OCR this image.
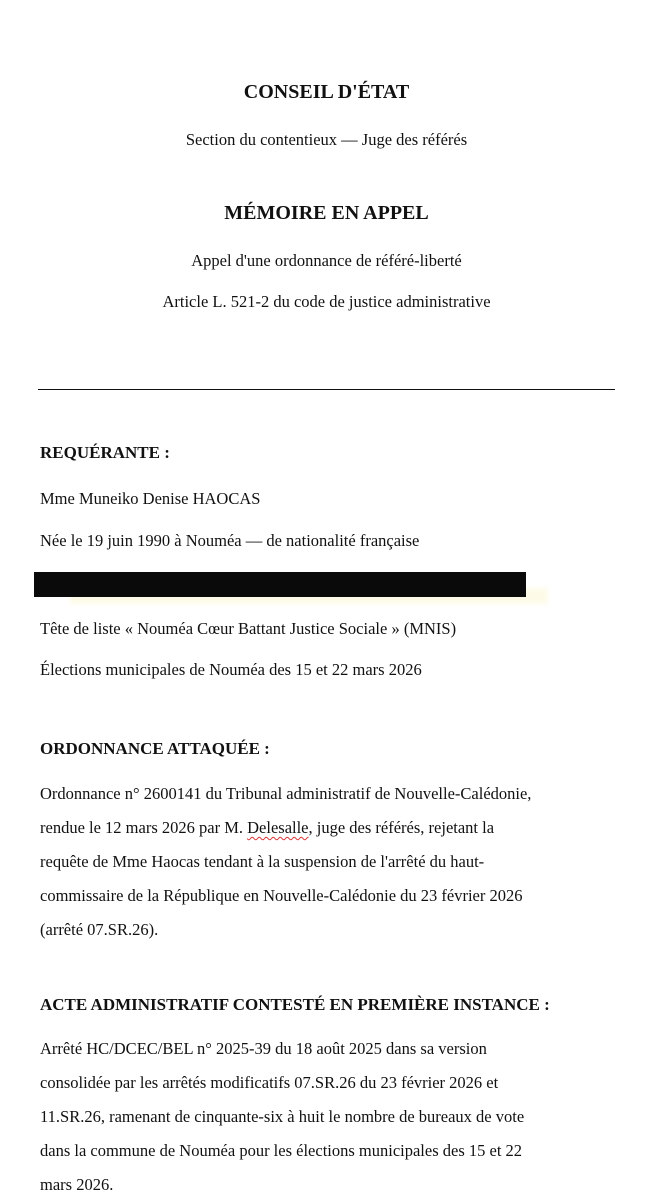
CONSEIL D'ÉTAT
Section du contentieux — Juge des référés
MÉMOIRE EN APPEL
Appel d'une ordonnance de référé-liberté
Article L. 521-2 du code de justice administrative
REQUÉRANTE :
Mme Muneiko Denise HAOCAS
Née le 19 juin 1990 à Nouméa — de nationalité française
Tête de liste « Nouméa Cœur Battant Justice Sociale » (MNIS)
Élections municipales de Nouméa des 15 et 22 mars 2026
ORDONNANCE ATTAQUÉE :
Ordonnance n° 2600141 du Tribunal administratif de Nouvelle-Calédonie,
rendue le 12 mars 2026 par M. Delesalle, juge des référés, rejetant la
requête de Mme Haocas tendant à la suspension de l'arrêté du haut-
commissaire de la République en Nouvelle-Calédonie du 23 février 2026
(arrêté 07.SR.26).
ACTE ADMINISTRATIF CONTESTÉ EN PREMIÈRE INSTANCE :
Arrêté HC/DCEC/BEL n° 2025-39 du 18 août 2025 dans sa version
consolidée par les arrêtés modificatifs 07.SR.26 du 23 février 2026 et
11.SR.26, ramenant de cinquante-six à huit le nombre de bureaux de vote
dans la commune de Nouméa pour les élections municipales des 15 et 22
mars 2026.
